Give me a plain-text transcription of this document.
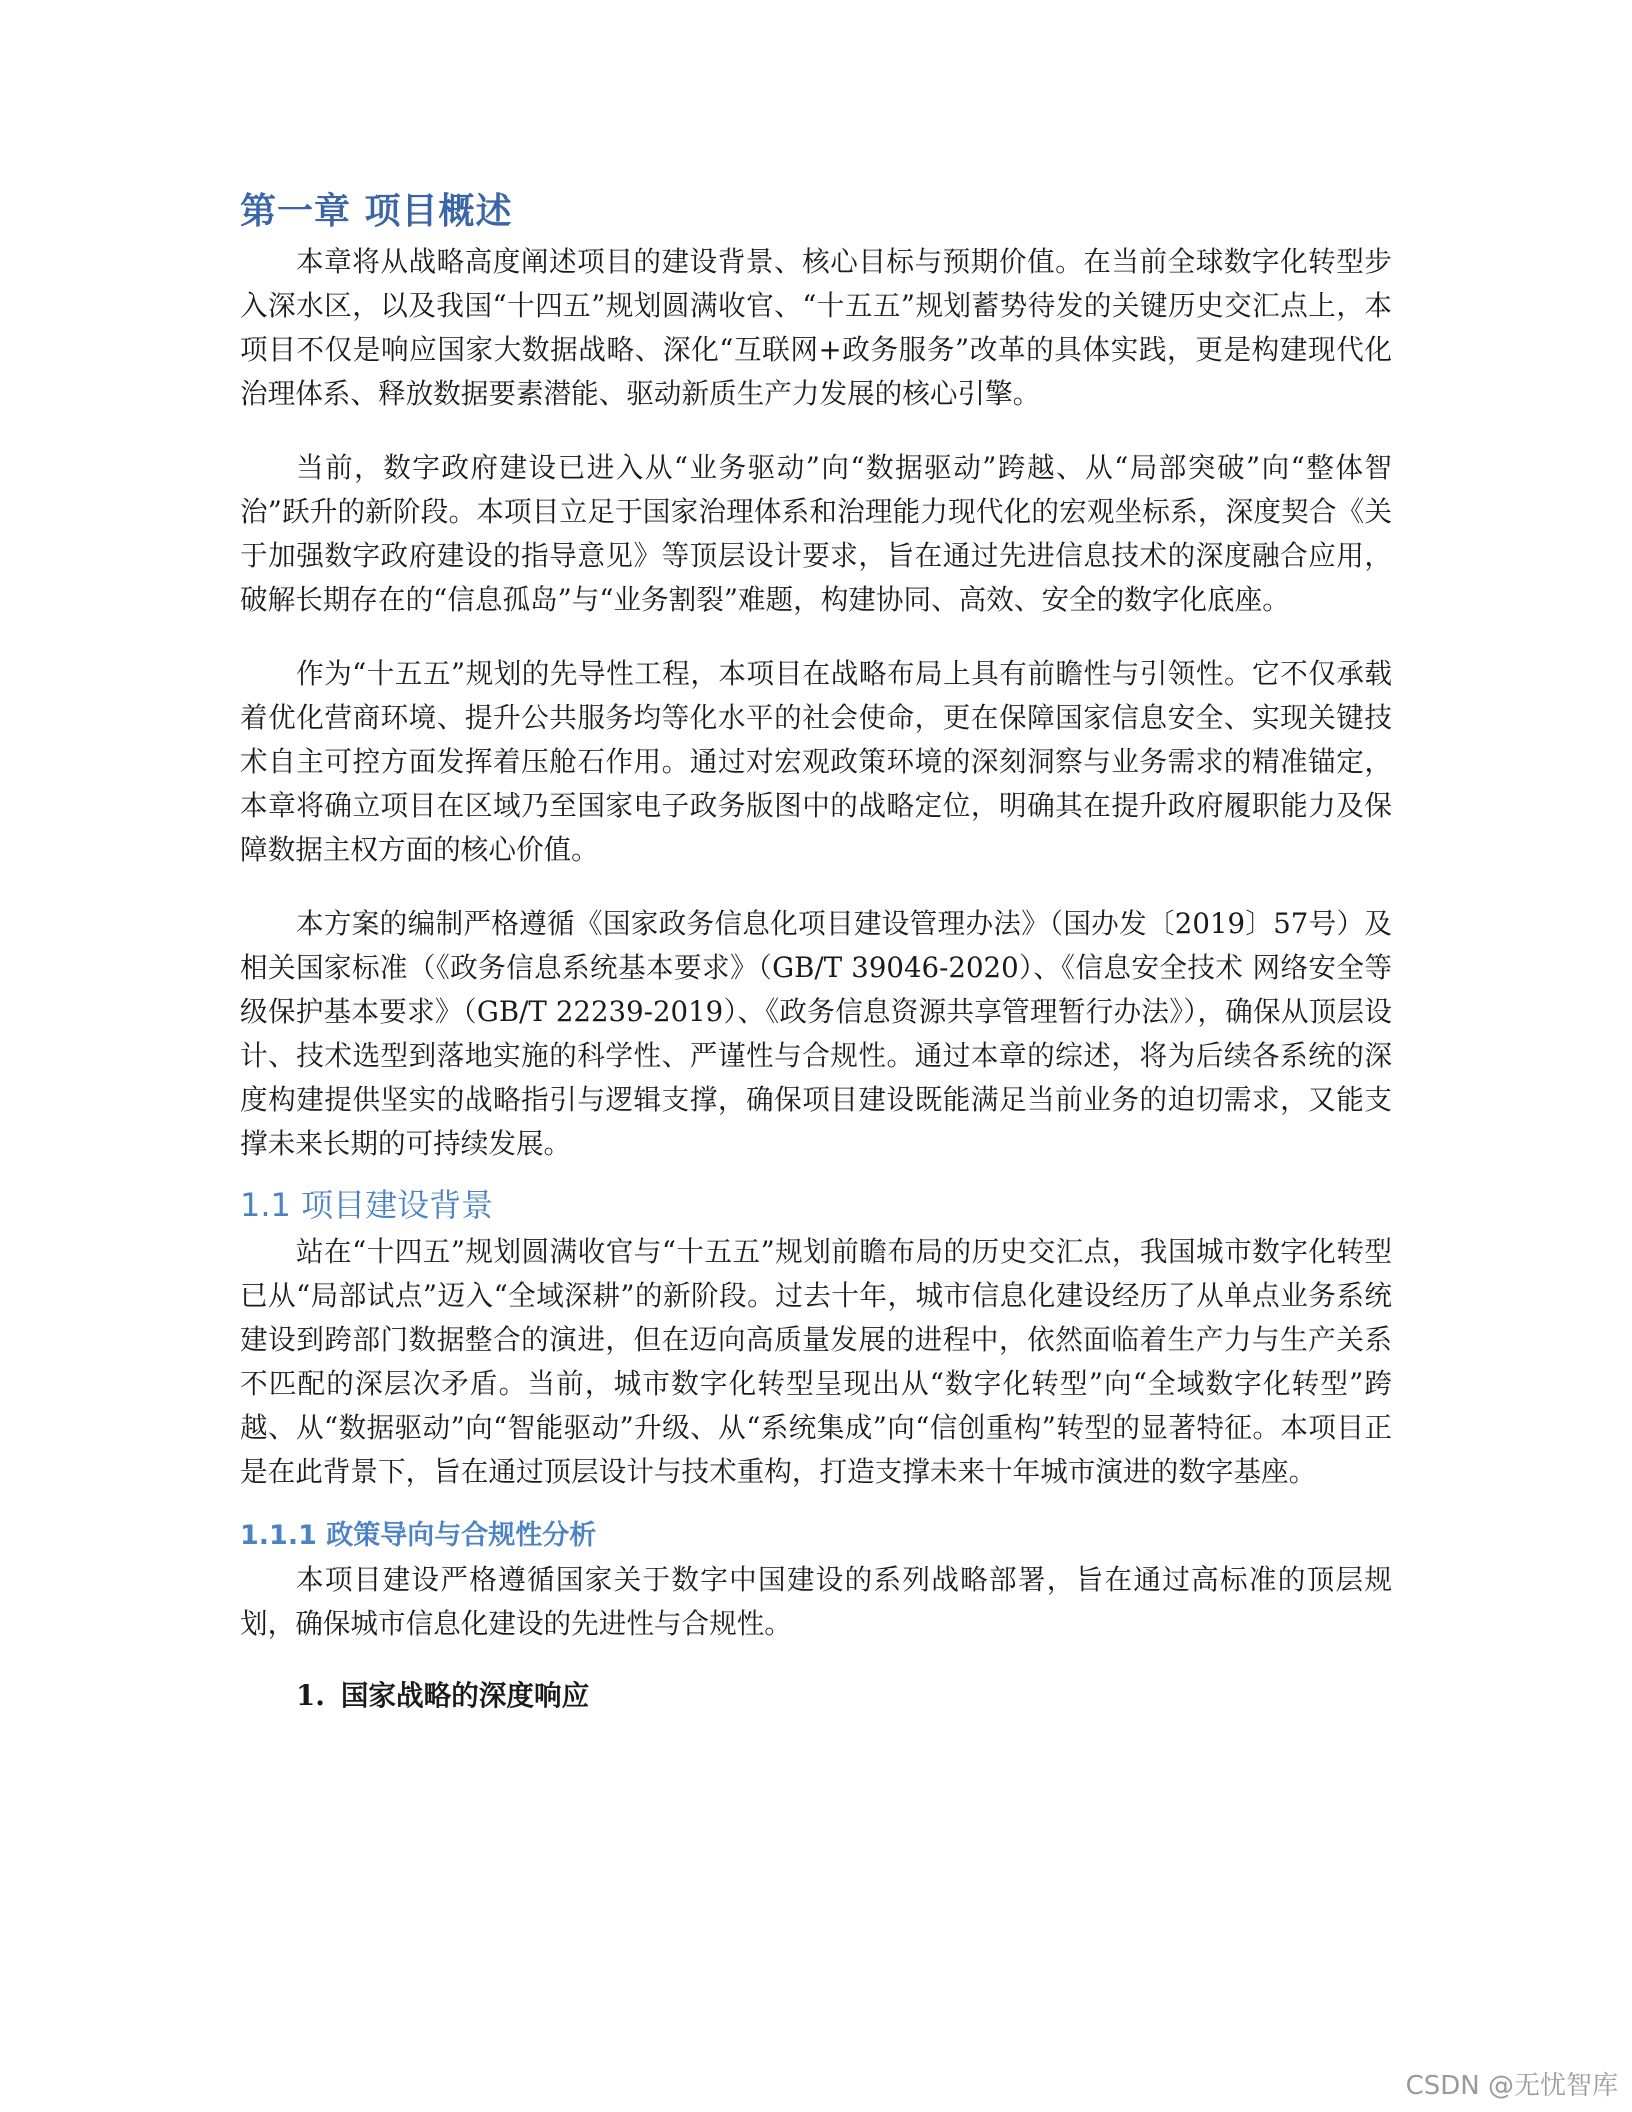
第一章 项目概述

本章将从战略高度阐述项目的建设背景、核心目标与预期价值。在当前全球数字化转型步入深水区，以及我国“十四五”规划圆满收官、“十五五”规划蓄势待发的关键历史交汇点上，本项目不仅是响应国家大数据战略、深化“互联网+政务服务”改革的具体实践，更是构建现代化治理体系、释放数据要素潜能、驱动新质生产力发展的核心引擎。

当前，数字政府建设已进入从“业务驱动”向“数据驱动”跨越、从“局部突破”向“整体智治”跃升的新阶段。本项目立足于国家治理体系和治理能力现代化的宏观坐标系，深度契合《关于加强数字政府建设的指导意见》等顶层设计要求，旨在通过先进信息技术的深度融合应用，破解长期存在的“信息孤岛”与“业务割裂”难题，构建协同、高效、安全的数字化底座。

作为“十五五”规划的先导性工程，本项目在战略布局上具有前瞻性与引领性。它不仅承载着优化营商环境、提升公共服务均等化水平的社会使命，更在保障国家信息安全、实现关键技术自主可控方面发挥着压舱石作用。通过对宏观政策环境的深刻洞察与业务需求的精准锚定，本章将确立项目在区域乃至国家电子政务版图中的战略定位，明确其在提升政府履职能力及保障数据主权方面的核心价值。

本方案的编制严格遵循《国家政务信息化项目建设管理办法》（国办发〔2019〕57号）及相关国家标准（《政务信息系统基本要求》（GB/T 39046-2020）、《信息安全技术 网络安全等级保护基本要求》（GB/T 22239-2019）、《政务信息资源共享管理暂行办法》），确保从顶层设计、技术选型到落地实施的科学性、严谨性与合规性。通过本章的综述，将为后续各系统的深度构建提供坚实的战略指引与逻辑支撑，确保项目建设既能满足当前业务的迫切需求，又能支撑未来长期的可持续发展。

1.1 项目建设背景

站在“十四五”规划圆满收官与“十五五”规划前瞻布局的历史交汇点，我国城市数字化转型已从“局部试点”迈入“全域深耕”的新阶段。过去十年，城市信息化建设经历了从单点业务系统建设到跨部门数据整合的演进，但在迈向高质量发展的进程中，依然面临着生产力与生产关系不匹配的深层次矛盾。当前，城市数字化转型呈现出从“数字化转型”向“全域数字化转型”跨越、从“数据驱动”向“智能驱动”升级、从“系统集成”向“信创重构”转型的显著特征。本项目正是在此背景下，旨在通过顶层设计与技术重构，打造支撑未来十年城市演进的数字基座。

1.1.1 政策导向与合规性分析

本项目建设严格遵循国家关于数字中国建设的系列战略部署，旨在通过高标准的顶层规划，确保城市信息化建设的先进性与合规性。

1. 国家战略的深度响应
CSDN @无忧智库
